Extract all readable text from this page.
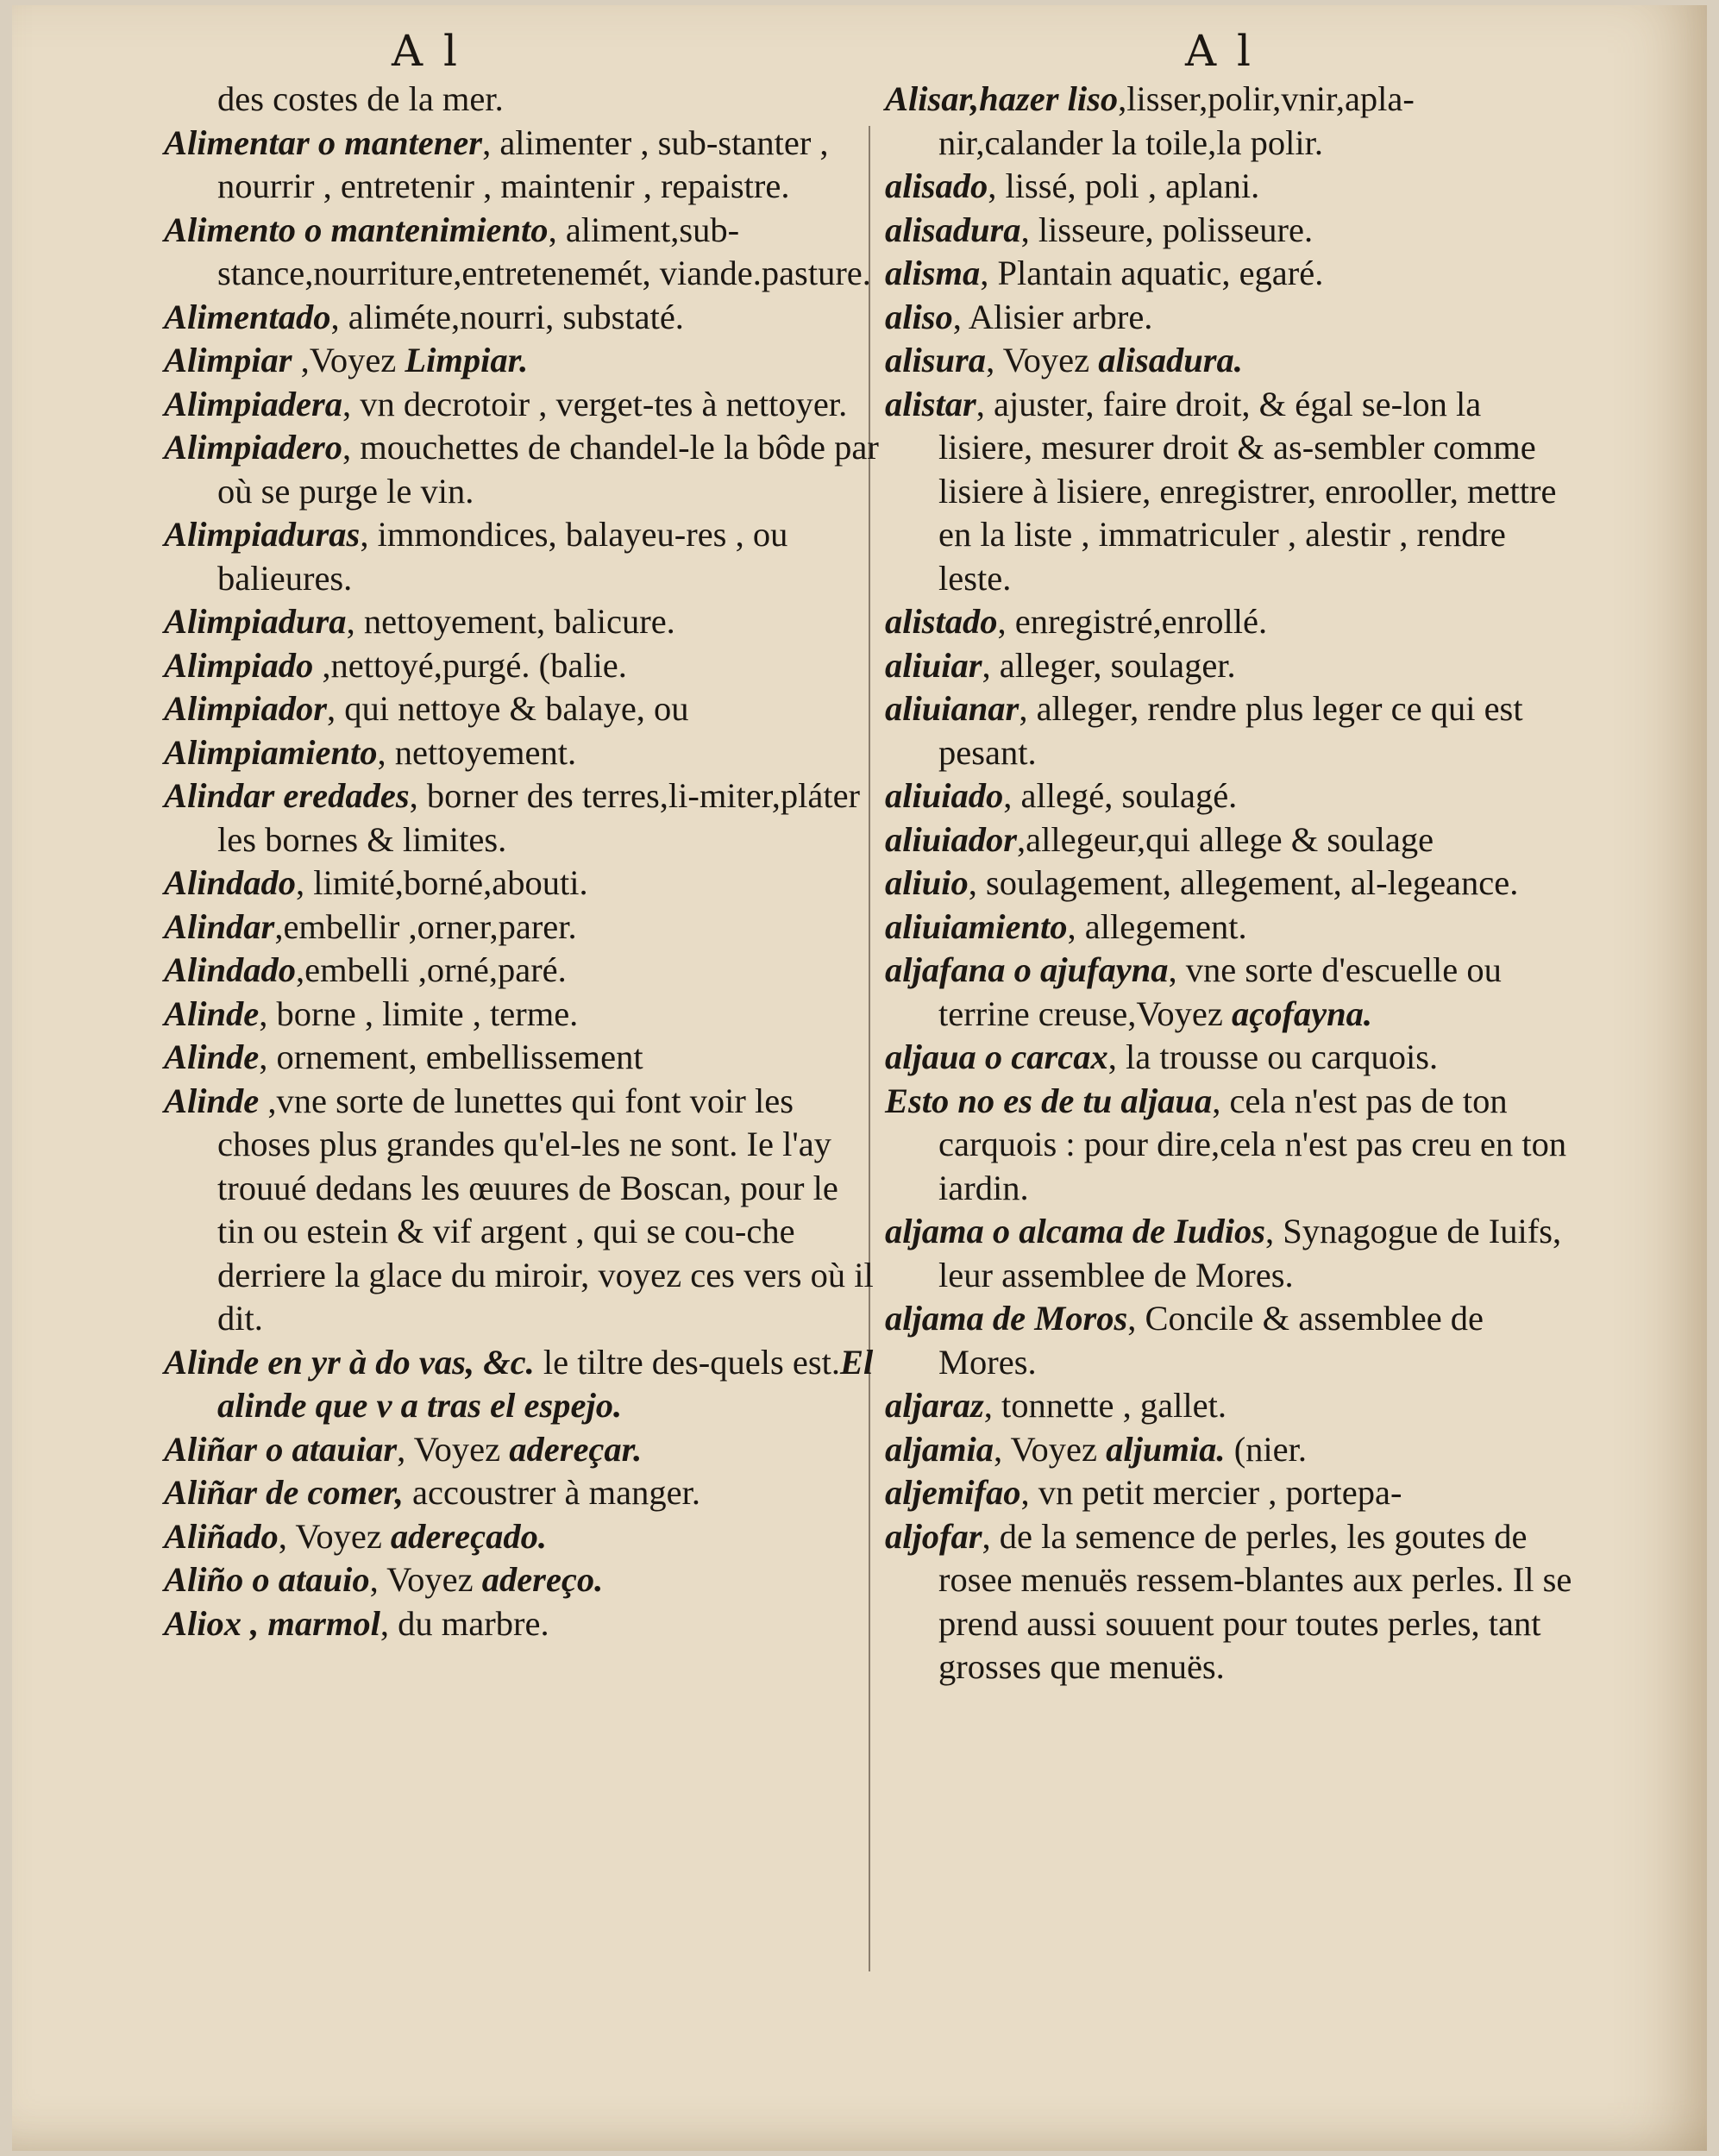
A l	A l

des costes de la mer.

Alimentar o mantener, alimenter , sub-stanter , nourrir , entretenir , maintenir , repaistre.

Alimento o mantenimiento, aliment,sub-stance,nourriture,entretenemét, viande.pasture.

Alimentado, aliméte,nourri, substaté.

Alimpiar ,Voyez Limpiar.

Alimpiadera, vn decrotoir , verget-tes à nettoyer.

Alimpiadero, mouchettes de chandel-le la bôde par où se purge le vin.

Alimpiaduras, immondices, balayeu-res , ou balieures.

Alimpiadura, nettoyement, balicure.

Alimpiado ,nettoyé,purgé. (balie.

Alimpiador, qui nettoye & balaye, ou

Alimpiamiento, nettoyement.

Alindar eredades, borner des terres,li-miter,pláter les bornes & limites.

Alindado, limité,borné,abouti.

Alindar,embellir ,orner,parer.

Alindado,embelli ,orné,paré.

Alinde, borne , limite , terme.

Alinde, ornement, embellissement

Alinde ,vne sorte de lunettes qui font voir les choses plus grandes qu'el-les ne sont. Ie l'ay trouué dedans les œuures de Boscan, pour le tin ou estein & vif argent , qui se cou-che derriere la glace du miroir, voyez ces vers où il dit.

Alinde en yr à do vas, &c. le tiltre des-quels est.El alinde que v a tras el espejo.

Aliñar o atauiar, Voyez adereçar.

Aliñar de comer, accoustrer à manger.

Aliñado, Voyez adereçado.

Aliño o atauio, Voyez adereço.

Aliox , marmol, du marbre.

Alisar,hazer liso,lisser,polir,vnir,apla-nir,calander la toile,la polir.

alisado, lissé, poli , aplani.

alisadura, lisseure, polisseure.

alisma, Plantain aquatic, egaré.

aliso, Alisier arbre.

alisura, Voyez alisadura.

alistar, ajuster, faire droit, & égal se-lon la lisiere, mesurer droit & as-sembler comme lisiere à lisiere, enregistrer, enrooller, mettre en la liste , immatriculer , alestir , rendre leste.

alistado, enregistré,enrollé.

aliuiar, alleger, soulager.

aliuianar, alleger, rendre plus leger ce qui est pesant.

aliuiado, allegé, soulagé.

aliuiador,allegeur,qui allege & soulage

aliuio, soulagement, allegement, al-legeance.

aliuiamiento, allegement.

aljafana o ajufayna, vne sorte d'escuelle ou terrine creuse,Voyez açofayna.

aljaua o carcax, la trousse ou carquois.

Esto no es de tu aljaua, cela n'est pas de ton carquois : pour dire,cela n'est pas creu en ton iardin.

aljama o alcama de Iudios, Synagogue de Iuifs, leur assemblee de Mores.

aljama de Moros, Concile & assemblee de Mores.

aljaraz, tonnette , gallet.

aljamia, Voyez aljumia. (nier.

aljemifao, vn petit mercier , portepa-

aljofar, de la semence de perles, les goutes de rosee menuës ressem-blantes aux perles. Il se prend aussi souuent pour toutes perles, tant grosses que menuës.
